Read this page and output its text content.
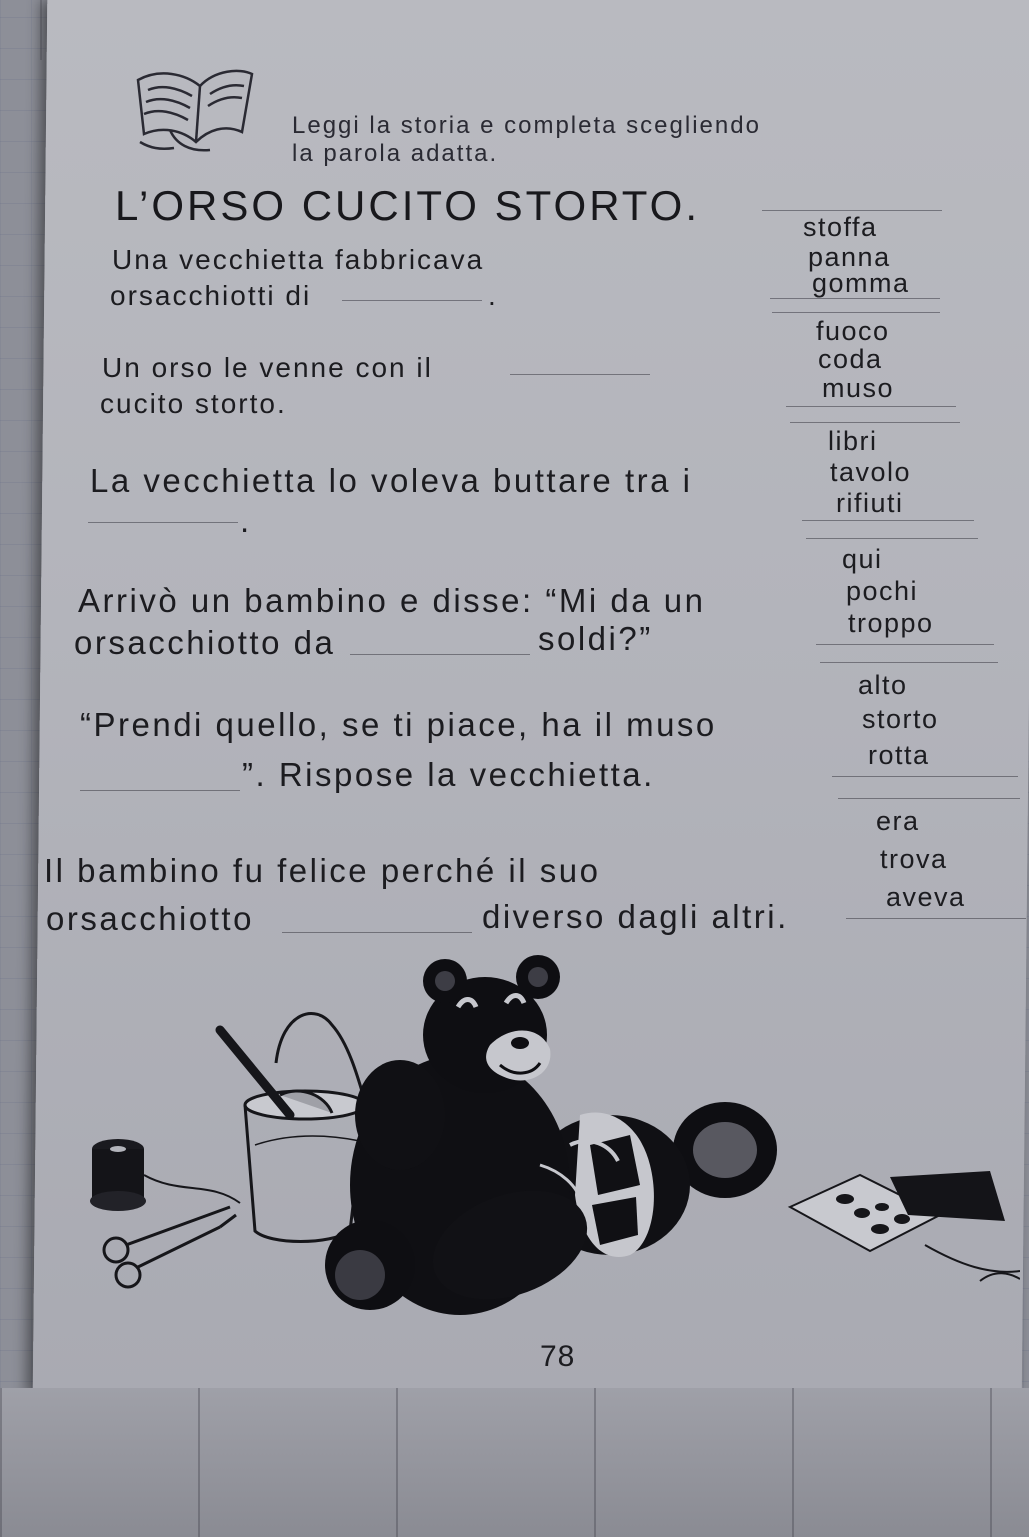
Leggi la storia e completa scegliendo
la parola adatta.
L’ORSO CUCITO STORTO.
Una vecchietta fabbricava
orsacchiotti di	.
stoffa
panna
gomma
Un orso le venne con il
cucito storto.
fuoco
coda
muso
La vecchietta lo voleva buttare tra i
.
libri
tavolo
rifiuti
Arrivò un bambino e disse: “Mi da un
orsacchiotto da	soldi?”
qui
pochi
troppo
“Prendi quello, se ti piace, ha il muso
”. Rispose la vecchietta.
alto
storto
rotta
Il bambino fu felice perché il suo
orsacchiotto	diverso dagli altri.
era
trova
aveva
78
